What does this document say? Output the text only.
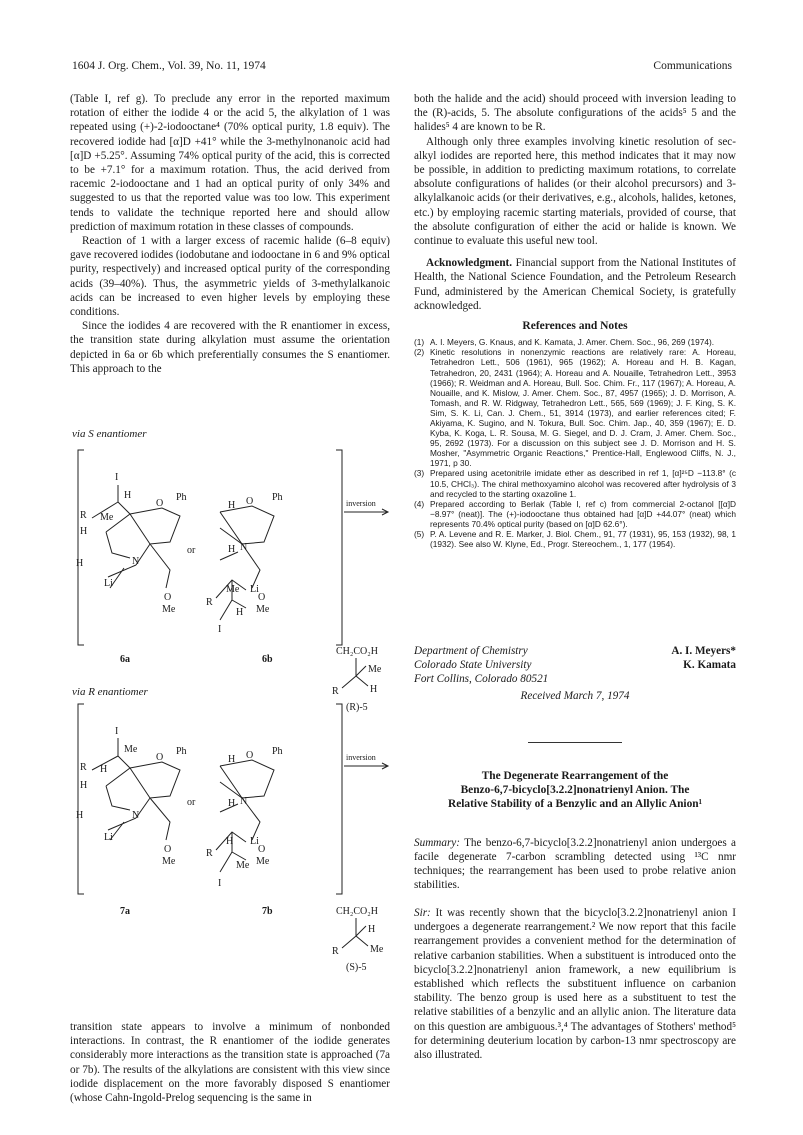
1604 J. Org. Chem., Vol. 39, No. 11, 1974	Communications

(Table I, ref g). To preclude any error in the reported maximum rotation of either the iodide 4 or the acid 5, the alkylation of 1 was repeated using (+)-2-iodooctane⁴ (70% optical purity, 1.8 equiv). The recovered iodide had [α]D +41° while the 3-methylnonanoic acid had [α]D +5.25°. Assuming 74% optical purity of the acid, this is corrected to be +7.1° for a maximum rotation. Thus, the acid derived from racemic 2-iodooctane and 1 had an optical purity of only 34% and suggested to us that the reported value was too low. This experiment tends to validate the technique reported here and should allow prediction of maximum rotation in these classes of compounds.

Reaction of 1 with a larger excess of racemic halide (6–8 equiv) gave recovered iodides (iodobutane and iodooctane in 6 and 9% optical purity, respectively) and increased optical purity of the corresponding acids (39–40%). Thus, the asymmetric yields of 3-methylalkanoic acids can be increased to even higher levels by employing these conditions.

Since the iodides 4 are recovered with the R enantiomer in excess, the transition state during alkylation must assume the orientation depicted in 6a or 6b which preferentially consumes the S enantiomer. This approach to the

via S enantiomer
via R enantiomer
I
H
R Me
H
O
Ph
H	N
Li
O
Me
6a
or
H O Ph
H N
R
Me Li
H
I
O
Me
6b
inversion
CH₂CO₂H
Me
R	H
(R)-5
I
Me
R H
H
O
Ph
H	N
Li
O
Me
7a
or
H O Ph
H N
R
H Li
Me
I
O
Me
7b
inversion
CH₂CO₂H
H
R	Me
(S)-5

transition state appears to involve a minimum of nonbonded interactions. In contrast, the R enantiomer of the iodide generates considerably more interactions as the transition state is approached (7a or 7b). The results of the alkylations are consistent with this view since iodide displacement on the more favorably disposed S enantiomer (whose Cahn-Ingold-Prelog sequencing is the same in

both the halide and the acid) should proceed with inversion leading to the (R)-acids, 5. The absolute configurations of the acids⁵ 5 and the halides⁵ 4 are known to be R.

Although only three examples involving kinetic resolution of sec-alkyl iodides are reported here, this method indicates that it may now be possible, in addition to predicting maximum rotations, to correlate absolute configurations of halides (or their alcohol precursors) and 3-alkylalkanoic acids (or their derivatives, e.g., alcohols, halides, ketones, etc.) by employing racemic starting materials, provided of course, that the absolute configuration of either the acid or halide is known. We continue to evaluate this useful new tool.

Acknowledgment. Financial support from the National Institutes of Health, the National Science Foundation, and the Petroleum Research Fund, administered by the American Chemical Society, is gratefully acknowledged.

References and Notes
(1) A. I. Meyers, G. Knaus, and K. Kamata, J. Amer. Chem. Soc., 96, 269 (1974).
(2) Kinetic resolutions in nonenzymic reactions are relatively rare: A. Horeau, Tetrahedron Lett., 506 (1961), 965 (1962); A. Horeau and H. B. Kagan, Tetrahedron, 20, 2431 (1964); A. Horeau and A. Nouaille, Tetrahedron Lett., 3953 (1966); R. Weidman and A. Horeau, Bull. Soc. Chim. Fr., 117 (1967); A. Horeau, A. Nouaille, and K. Mislow, J. Amer. Chem. Soc., 87, 4957 (1965); J. D. Morrison, A. Tomash, and R. W. Ridgway, Tetrahedron Lett., 565, 569 (1969); J. F. King, S. K. Sim, S. K. Li, Can. J. Chem., 51, 3914 (1973), and earlier references cited; F. Akiyama, K. Sugino, and N. Tokura, Bull. Soc. Chim. Jap., 40, 359 (1967); E. D. Kyba, K. Koga, L. R. Sousa, M. G. Siegel, and D. J. Cram, J. Amer. Chem. Soc., 95, 2692 (1973). For a discussion on this subject see J. D. Morrison and H. S. Mosher, "Asymmetric Organic Reactions," Prentice-Hall, Englewood Cliffs, N. J., 1971, p 30.
(3) Prepared using acetonitrile imidate ether as described in ref 1, [α]²⁵D −113.8° (c 10.5, CHCl₃). The chiral methoxyamino alcohol was recovered after hydrolysis of 3 and recycled to the starting oxazoline 1.
(4) Prepared according to Berlak (Table I, ref c) from commercial 2-octanol [[α]D −8.97° (neat)]. The (+)-iodooctane thus obtained had [α]D +44.07° (neat) which represents 70.4% optical purity (based on [α]D 62.6°).
(5) P. A. Levene and R. E. Marker, J. Biol. Chem., 91, 77 (1931), 95, 153 (1932), 98, 1 (1932). See also W. Klyne, Ed., Progr. Stereochem., 1, 177 (1954).
Department of Chemistry
Colorado State University
Fort Collins, Colorado 80521
A. I. Meyers*
K. Kamata
Received March 7, 1974
The Degenerate Rearrangement of the
Benzo-6,7-bicyclo[3.2.2]nonatrienyl Anion. The
Relative Stability of a Benzylic and an Allylic Anion¹
Summary: The benzo-6,7-bicyclo[3.2.2]nonatrienyl anion undergoes a facile degenerate 7-carbon scrambling detected using ¹³C nmr techniques; the rearrangement has been used to probe relative anion stabilities.
Sir: It was recently shown that the bicyclo[3.2.2]nonatrienyl anion I undergoes a degenerate rearrangement.² We now report that this facile rearrangement provides a convenient method for the determination of relative carbanion stabilities. When a substituent is introduced onto the bicyclo[3.2.2]nonatrienyl anion framework, a new equilibrium is established which reflects the substituent influence on carbanion stability. The benzo group is used here as a substituent to test the relative stabilities of a benzylic and an allylic anion. The literature data on this question are ambiguous.³,⁴ The advantages of Stothers' method⁵ for determining deuterium location by carbon-13 nmr spectroscopy are also illustrated.
